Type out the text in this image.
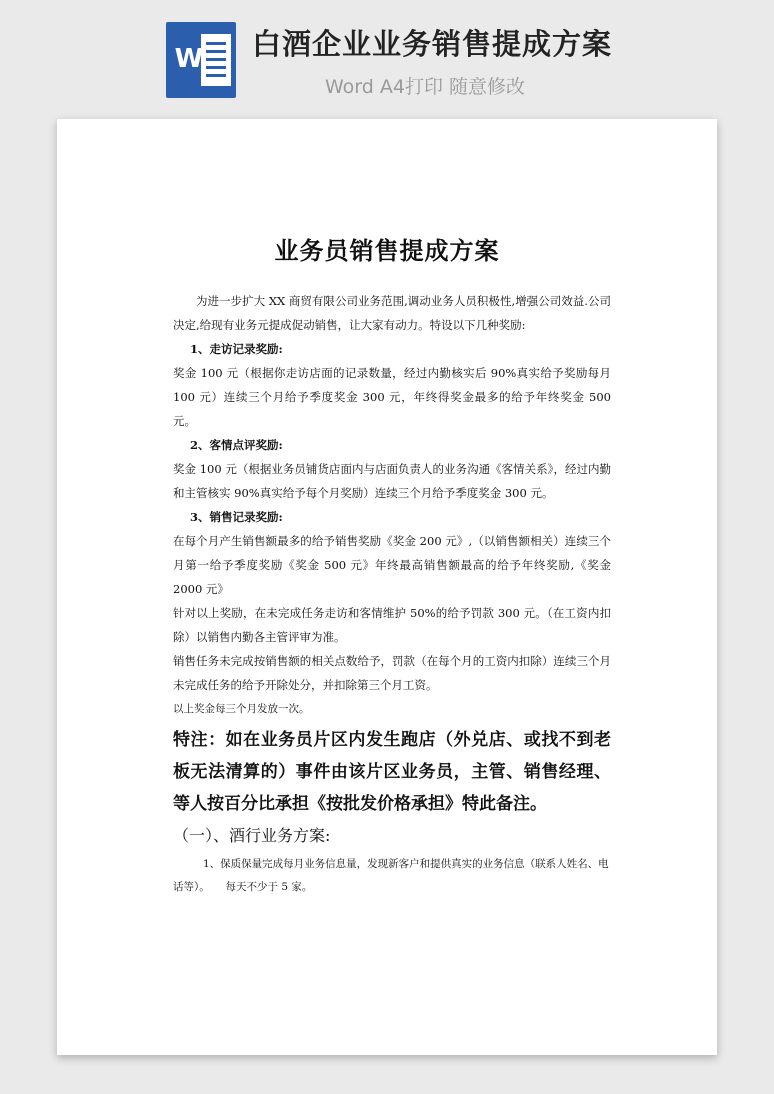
W 白酒企业业务销售提成方案
Word A4打印 随意修改
业务员销售提成方案

为进一步扩大 XX 商贸有限公司业务范围,调动业务人员积极性,增强公司效益.公司决定,给现有业务元提成促动销售，让大家有动力。特设以下几种奖励:

1、走访记录奖励:

奖金 100 元（根据你走访店面的记录数量，经过内勤核实后 90%真实给予奖励每月 100 元）连续三个月给予季度奖金 300 元，年终得奖金最多的给予年终奖金 500 元。

2、客情点评奖励:

奖金 100 元（根据业务员铺货店面内与店面负责人的业务沟通《客情关系》，经过内勤和主管核实 90%真实给予每个月奖励）连续三个月给予季度奖金 300 元。

3、销售记录奖励:

在每个月产生销售额最多的给予销售奖励《奖金 200 元》,（以销售额相关）连续三个月第一给予季度奖励《奖金 500 元》年终最高销售额最高的给予年终奖励,《奖金 2000 元》

针对以上奖励，在未完成任务走访和客情维护 50%的给予罚款 300 元。（在工资内扣除）以销售内勤各主管评审为准。

销售任务未完成按销售额的相关点数给予，罚款（在每个月的工资内扣除）连续三个月未完成任务的给予开除处分，并扣除第三个月工资。

以上奖金每三个月发放一次。

特注：如在业务员片区内发生跑店（外兑店、或找不到老板无法清算的）事件由该片区业务员，主管、销售经理、等人按百分比承担《按批发价格承担》特此备注。

（一）、酒行业务方案:

1、保质保量完成每月业务信息量，发现新客户和提供真实的业务信息（联系人姓名、电话等）。　　每天不少于 5 家。
